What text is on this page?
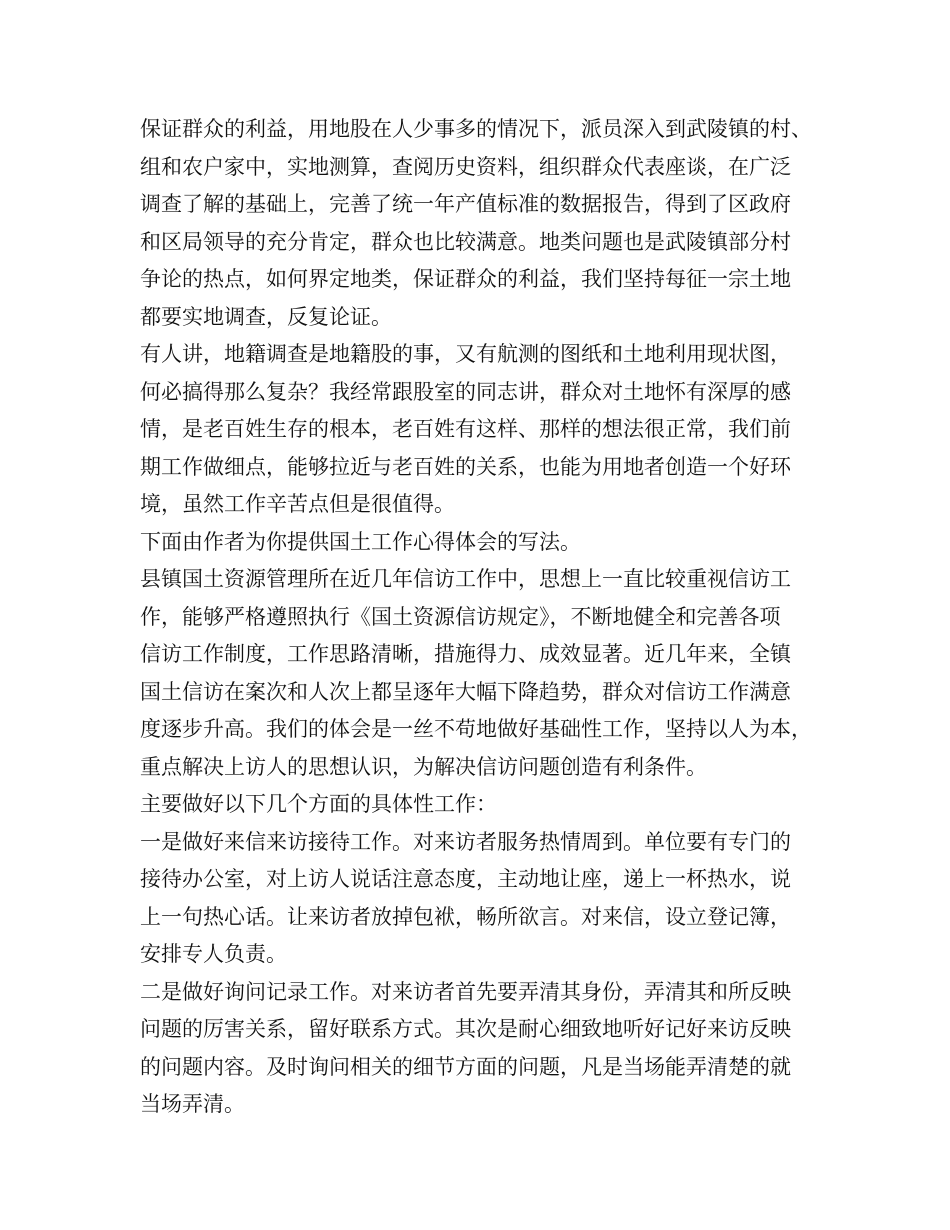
保证群众的利益，用地股在人少事多的情况下，派员深入到武陵镇的村、
组和农户家中，实地测算，查阅历史资料，组织群众代表座谈，在广泛
调查了解的基础上，完善了统一年产值标准的数据报告，得到了区政府
和区局领导的充分肯定，群众也比较满意。地类问题也是武陵镇部分村
争论的热点，如何界定地类，保证群众的利益，我们坚持每征一宗土地
都要实地调查，反复论证。
有人讲，地籍调查是地籍股的事，又有航测的图纸和土地利用现状图，
何必搞得那么复杂？我经常跟股室的同志讲，群众对土地怀有深厚的感
情，是老百姓生存的根本，老百姓有这样、那样的想法很正常，我们前
期工作做细点，能够拉近与老百姓的关系，也能为用地者创造一个好环
境，虽然工作辛苦点但是很值得。
下面由作者为你提供国土工作心得体会的写法。
县镇国土资源管理所在近几年信访工作中，思想上一直比较重视信访工
作，能够严格遵照执行《国土资源信访规定》，不断地健全和完善各项
信访工作制度，工作思路清晰，措施得力、成效显著。近几年来，全镇
国土信访在案次和人次上都呈逐年大幅下降趋势，群众对信访工作满意
度逐步升高。我们的体会是一丝不苟地做好基础性工作，坚持以人为本，
重点解决上访人的思想认识，为解决信访问题创造有利条件。
主要做好以下几个方面的具体性工作：
一是做好来信来访接待工作。对来访者服务热情周到。单位要有专门的
接待办公室，对上访人说话注意态度，主动地让座，递上一杯热水，说
上一句热心话。让来访者放掉包袱，畅所欲言。对来信，设立登记簿，
安排专人负责。
二是做好询问记录工作。对来访者首先要弄清其身份，弄清其和所反映
问题的厉害关系，留好联系方式。其次是耐心细致地听好记好来访反映
的问题内容。及时询问相关的细节方面的问题，凡是当场能弄清楚的就
当场弄清。
